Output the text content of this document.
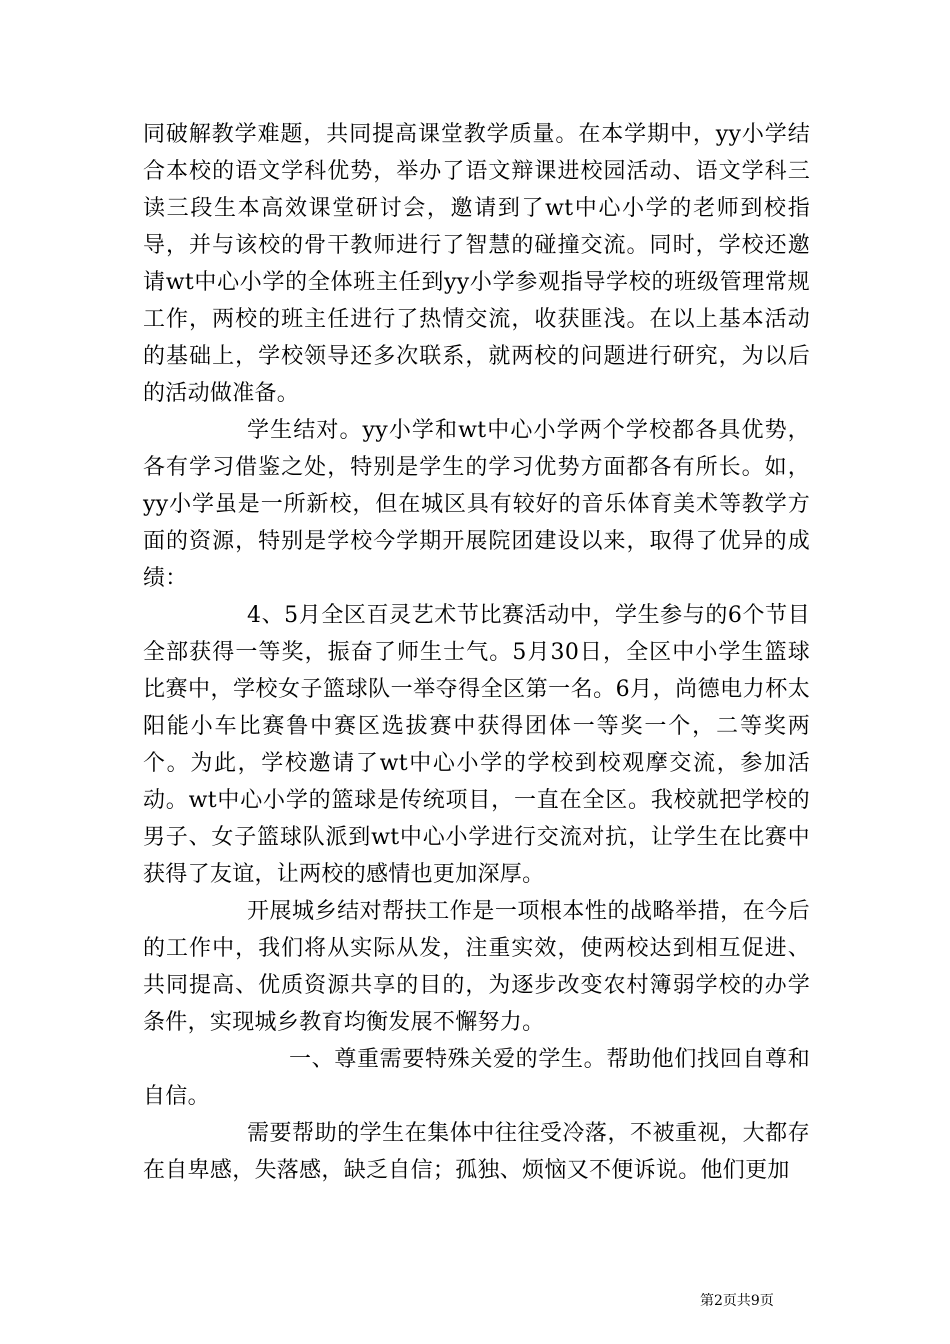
同破解教学难题，共同提高课堂教学质量。在本学期中，yy小学结合本校的语文学科优势，举办了语文辩课进校园活动、语文学科三读三段生本高效课堂研讨会，邀请到了wt中心小学的老师到校指导，并与该校的骨干教师进行了智慧的碰撞交流。同时，学校还邀请wt中心小学的全体班主任到yy小学参观指导学校的班级管理常规工作，两校的班主任进行了热情交流，收获匪浅。在以上基本活动的基础上，学校领导还多次联系，就两校的问题进行研究，为以后的活动做准备。

学生结对。yy小学和wt中心小学两个学校都各具优势，各有学习借鉴之处，特别是学生的学习优势方面都各有所长。如，yy小学虽是一所新校，但在城区具有较好的音乐体育美术等教学方面的资源，特别是学校今学期开展院团建设以来，取得了优异的成绩：

4、5月全区百灵艺术节比赛活动中，学生参与的6个节目全部获得一等奖，振奋了师生士气。5月30日，全区中小学生篮球比赛中，学校女子篮球队一举夺得全区第一名。6月，尚德电力杯太阳能小车比赛鲁中赛区选拔赛中获得团体一等奖一个，二等奖两个。为此，学校邀请了wt中心小学的学校到校观摩交流，参加活动。wt中心小学的篮球是传统项目，一直在全区。我校就把学校的男子、女子篮球队派到wt中心小学进行交流对抗，让学生在比赛中获得了友谊，让两校的感情也更加深厚。

开展城乡结对帮扶工作是一项根本性的战略举措，在今后的工作中，我们将从实际从发，注重实效，使两校达到相互促进、共同提高、优质资源共享的目的，为逐步改变农村簿弱学校的办学条件，实现城乡教育均衡发展不懈努力。

一、尊重需要特殊关爱的学生。帮助他们找回自尊和自信。

需要帮助的学生在集体中往往受冷落，不被重视，大都存在自卑感，失落感，缺乏自信；孤独、烦恼又不便诉说。他们更加

第2页共9页
